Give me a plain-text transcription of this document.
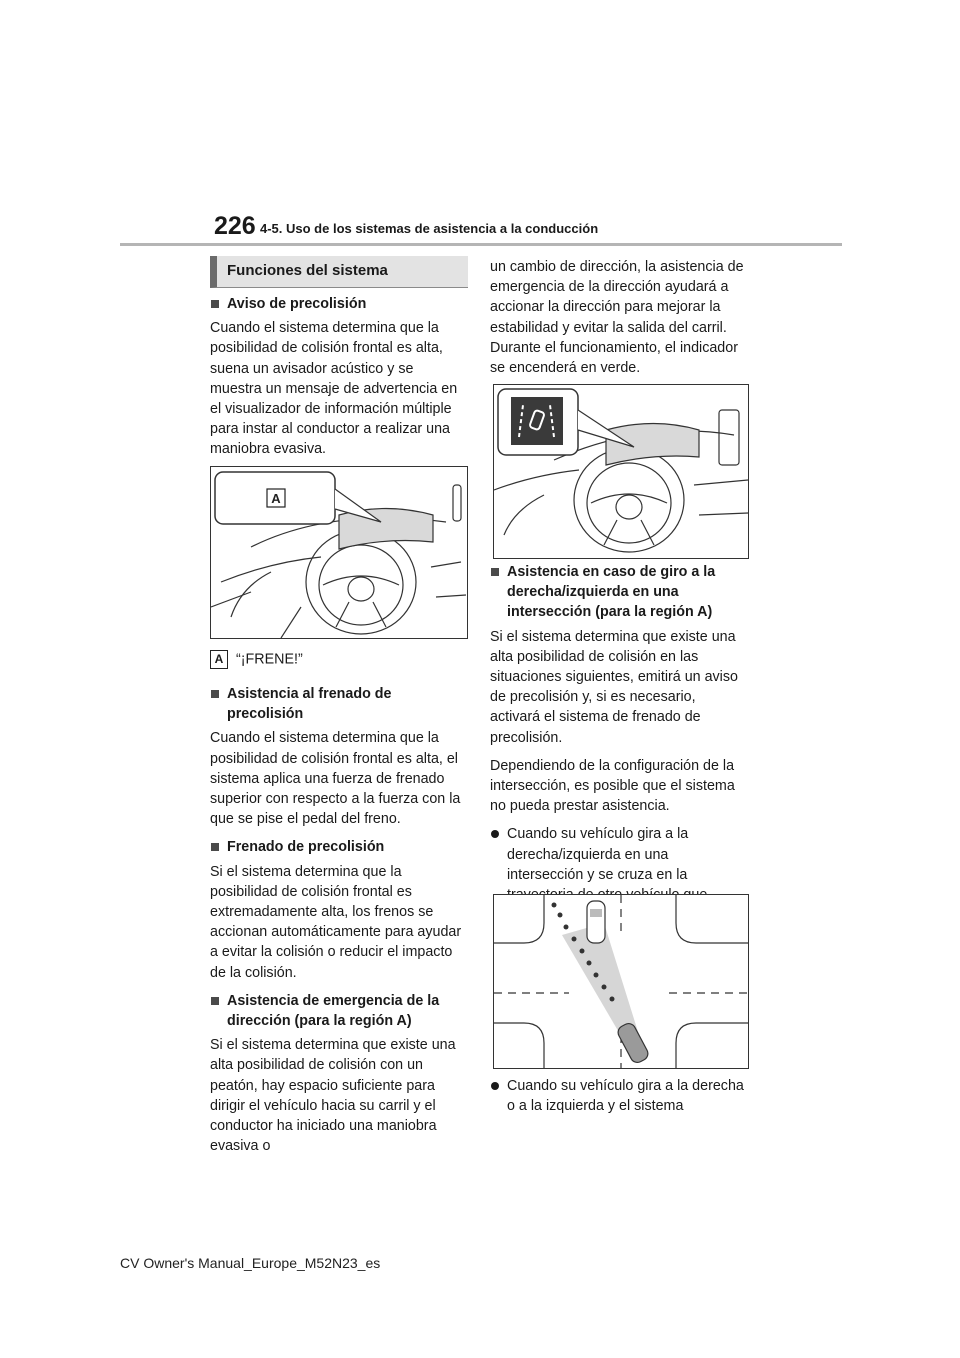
226 4-5. Uso de los sistemas de asistencia a la conducción
Funciones del sistema

Aviso de precolisión

Cuando el sistema determina que la posibilidad de colisión frontal es alta, suena un avisador acústico y se muestra un mensaje de advertencia en el visualizador de información múltiple para instar al conductor a realizar una maniobra evasiva.

A
A “¡FRENE!”

Asistencia al frenado de precolisión

Cuando el sistema determina que la posibilidad de colisión frontal es alta, el sistema aplica una fuerza de frenado superior con respecto a la fuerza con la que se pise el pedal del freno.

Frenado de precolisión

Si el sistema determina que la posibilidad de colisión frontal es extremadamente alta, los frenos se accionan automáticamente para ayudar a evitar la colisión o reducir el impacto de la colisión.

Asistencia de emergencia de la dirección (para la región A)

Si el sistema determina que existe una alta posibilidad de colisión con un peatón, hay espacio suficiente para dirigir el vehículo hacia su carril y el conductor ha iniciado una maniobra evasiva o

un cambio de dirección, la asistencia de emergencia de la dirección ayudará a accionar la dirección para mejorar la estabilidad y evitar la salida del carril. Durante el funcionamiento, el indicador se encenderá en verde.

Asistencia en caso de giro a la derecha/izquierda en una intersección (para la región A)

Si el sistema determina que existe una alta posibilidad de colisión en las situaciones siguientes, emitirá un aviso de precolisión y, si es necesario, activará el sistema de frenado de precolisión.

Dependiendo de la configuración de la intersección, es posible que el sistema no pueda prestar asistencia.

Cuando su vehículo gira a la derecha/izquierda en una intersección y se cruza en la

Cuando su vehículo gira a la derecha o a la izquierda y el sistema

CV Owner's Manual_Europe_M52N23_es
